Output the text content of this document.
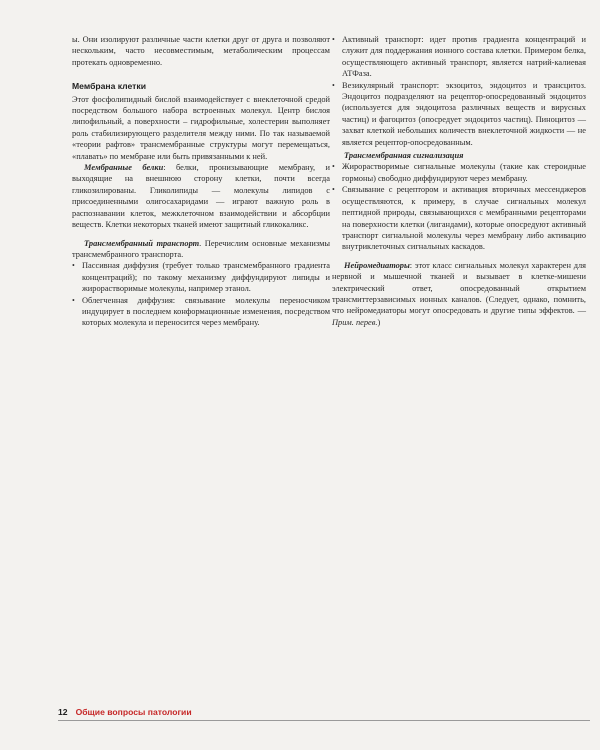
ы. Они изолируют различные части клетки друг от друга и позволяют нескольким, часто несовместимым, метаболическим процессам протекать одновременно.

Мембрана клетки

Этот фосфолипидный бислой взаимодействует с внеклеточной средой посредством большого набора встроенных молекул. Центр бислоя липофильный, а поверхности – гидрофильные, холестерин выполняет роль стабилизирующего разделителя между ними. По так называемой «теории рафтов» трансмембранные структуры могут перемещаться, «плавать» по мембране или быть привязанными к ней.

Мембранные белки: белки, пронизывающие мембрану, и выходящие на внешнюю сторону клетки, почти всегда гликозилированы. Гликолипиды — молекулы липидов с присоединенными олигосахаридами — играют важную роль в распознавании клеток, межклеточном взаимодействии и абсорбции веществ. Клетки некоторых тканей имеют защитный гликокаликс.

Трансмембранный транспорт. Перечислим основные механизмы трансмембранного транспорта.

• Пассивная диффузия (требует только трансмембранного градиента концентраций); по такому механизму диффундируют липиды и жирорастворимые молекулы, например этанол.
• Облегченная диффузия: связывание молекулы переносчиком индуцирует в последнем конформационные изменения, посредством которых молекула и переносится через мембрану.
• Активный транспорт: идет против градиента концентраций и служит для поддержания ионного состава клетки. Примером белка, осуществляющего активный транспорт, является натрий-калиевая АТФаза.
• Везикулярный транспорт: экзоцитоз, эндоцитоз и трансцитоз. Эндоцитоз подразделяют на рецептор-опосредованный эндоцитоз (используется для эндоцитоза различных веществ и вирусных частиц) и фагоцитоз (опосредует эндоцитоз частиц). Пиноцитоз — захват клеткой небольших количеств внеклеточной жидкости — не является рецептор-опосредованным.

Трансмембранная сигнализация

• Жирорастворимые сигнальные молекулы (такие как стероидные гормоны) свободно диффундируют через мембрану.
• Связывание с рецептором и активация вторичных мессенджеров осуществляются, к примеру, в случае сигнальных молекул пептидной природы, связывающихся с мембранными рецепторами на поверхности клетки (лигандами), которые опосредуют активный транспорт сигнальной молекулы через мембрану либо активацию внутриклеточных сигнальных каскадов.

Нейромедиаторы: этот класс сигнальных молекул характерен для нервной и мышечной тканей и вызывает в клетке-мишени электрический ответ, опосредованный открытием трансмиттерзависимых ионных каналов. (Следует, однако, помнить, что нейромедиаторы могут опосредовать и другие типы эффектов. — Прим. перев.)

12 Общие вопросы патологии
